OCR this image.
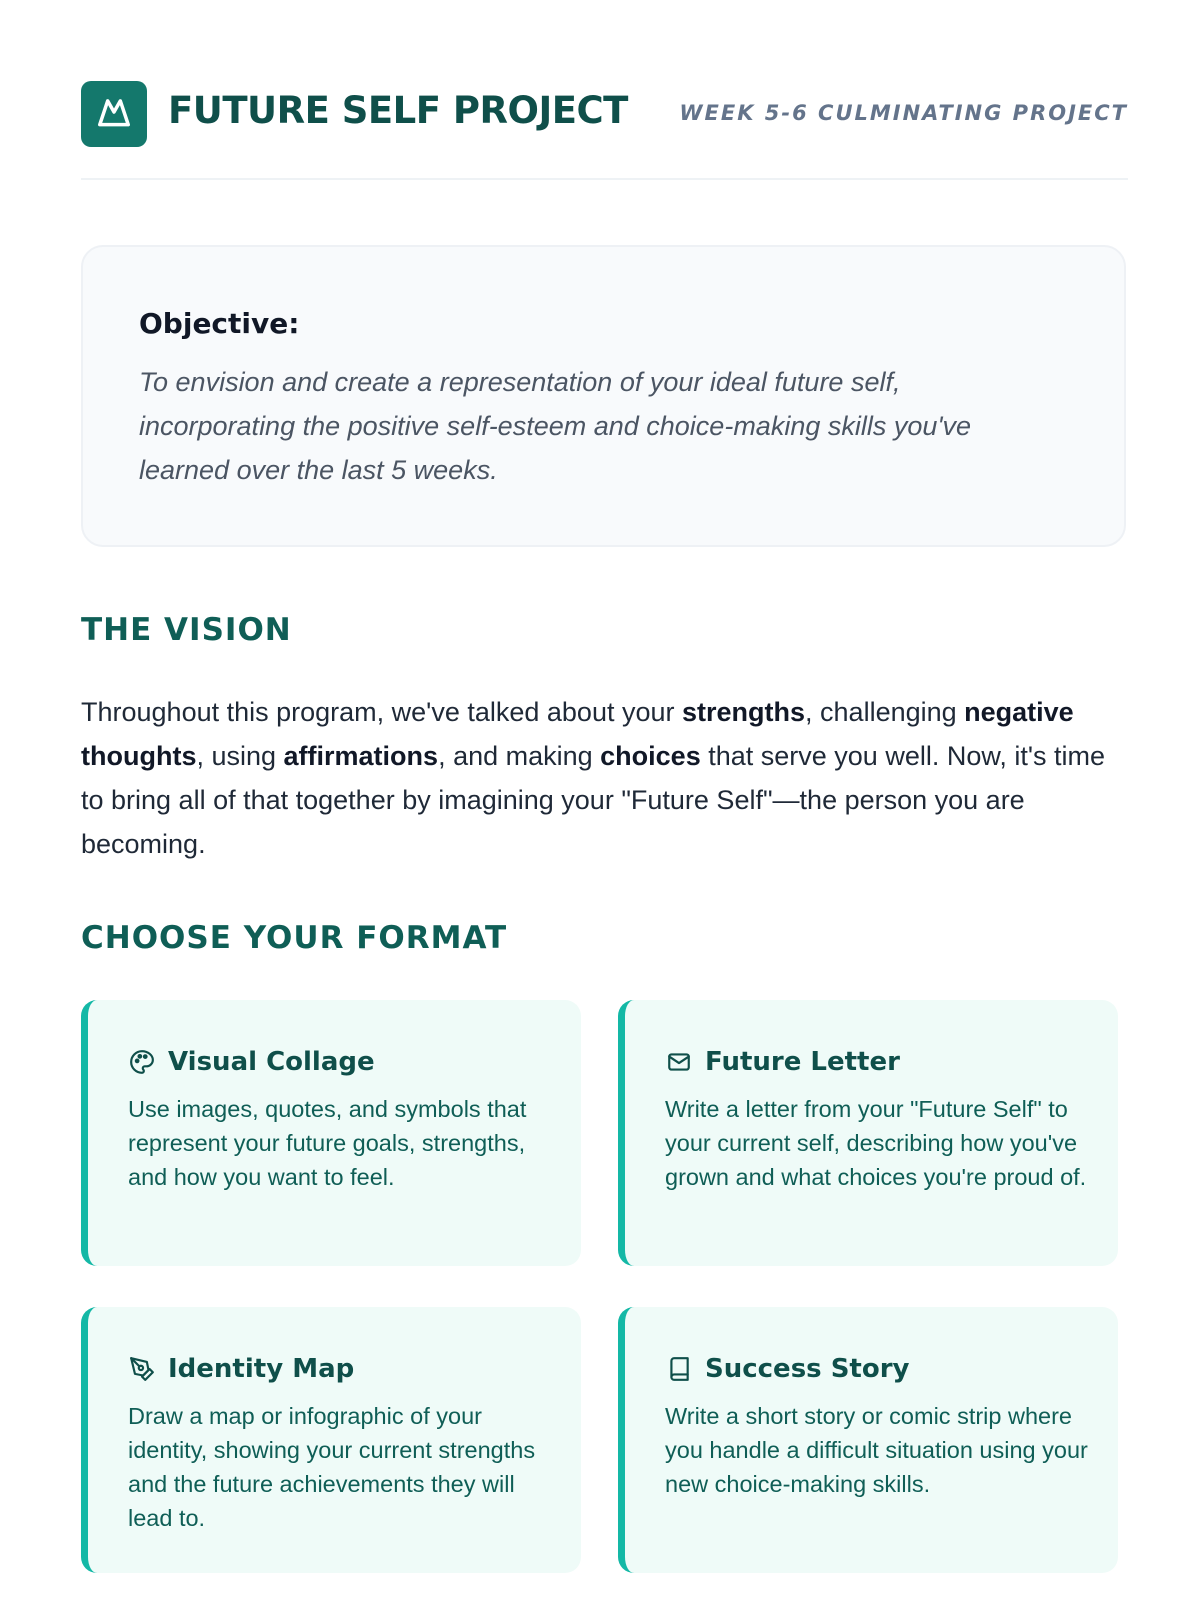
FUTURE SELF PROJECT WEEK 5-6 CULMINATING PROJECT

Objective:

To envision and create a representation of your ideal future self, incorporating the positive self-esteem and choice-making skills you've learned over the last 5 weeks.

THE VISION

Throughout this program, we've talked about your strengths, challenging negative thoughts, using affirmations, and making choices that serve you well. Now, it's time to bring all of that together by imagining your "Future Self"—the person you are becoming.

CHOOSE YOUR FORMAT
Visual Collage

Use images, quotes, and symbols that represent your future goals, strengths, and how you want to feel.

Future Letter

Write a letter from your "Future Self" to your current self, describing how you've grown and what choices you're proud of.

Identity Map

Draw a map or infographic of your identity, showing your current strengths and the future achievements they will lead to.

Success Story

Write a short story or comic strip where you handle a difficult situation using your new choice-making skills.
